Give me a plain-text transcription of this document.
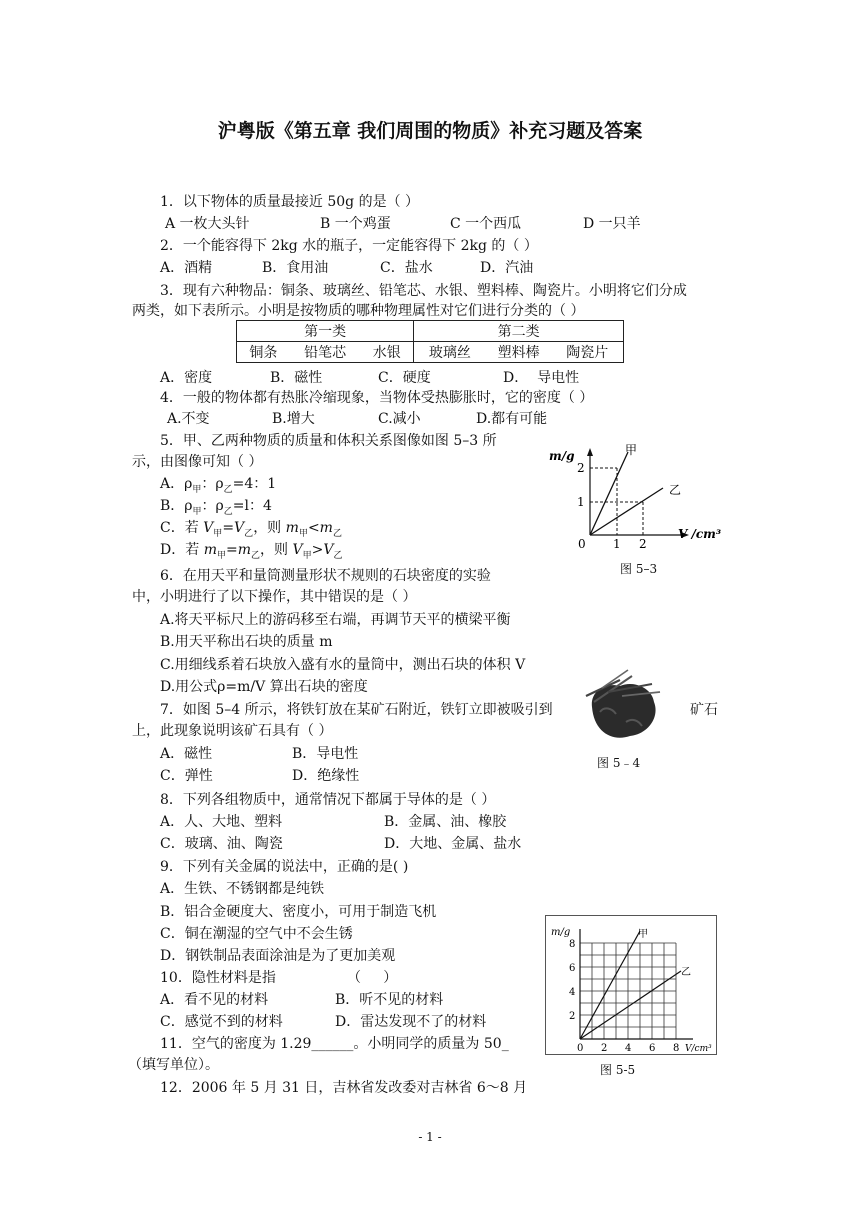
沪粤版《第五章 我们周围的物质》补充习题及答案
1．以下物体的质量最接近 50g 的是（ ）
A 一枚大头针	B 一个鸡蛋	C 一个西瓜	D 一只羊
2．一个能容得下 2kg 水的瓶子，一定能容得下 2kg 的（ ）
A．酒精	B．食用油	C．盐水	D．汽油
3．现有六种物品：铜条、玻璃丝、铅笔芯、水银、塑料棒、陶瓷片。小明将它们分成
两类，如下表所示。小明是按物质的哪种物理属性对它们进行分类的（ ）
第一类	第二类
铜条      铅笔芯      水银	玻璃丝      塑料棒      陶瓷片
A．密度	B．磁性	C．硬度	D．  导电性
4．一般的物体都有热胀冷缩现象，当物体受热膨胀时，它的密度（ ）
A.不变	B.增大	C.减小	D.都有可能
5．甲、乙两种物质的质量和体积关系图像如图 5–3 所
示，由图像可知（ ）
A．$\rho_甲$：$\rho_乙=4$：1
B．$\rho_甲$：$\rho_乙=l$：4
C．若 $V_甲=V_乙$，则 $m_甲<m_乙$
D．若 $m_甲=m_乙$，则 $V_甲>V_乙$
m/g	甲
乙
1
2
0 1 2
V /cm³
图 5–3
6．在用天平和量筒测量形状不规则的石块密度的实验
中，小明进行了以下操作，其中错误的是（ ）
A.将天平标尺上的游码移至右端，再调节天平的横梁平衡
B.用天平称出石块的质量 m
C.用细线系着石块放入盛有水的量筒中，测出石块的体积 V
D.用公式ρ=m/V 算出石块的密度
7．如图 5–4 所示，将铁钉放在某矿石附近，铁钉立即被吸引到	矿石
上，此现象说明该矿石具有（ ）
A．磁性	B．导电性
C．弹性	D．绝缘性
图 5﹣4
8．下列各组物质中，通常情况下都属于导体的是（ ）
A．人、大地、塑料	B．金属、油、橡胶
C．玻璃、油、陶瓷	D．大地、金属、盐水
9．下列有关金属的说法中，正确的是( )
A．生铁、不锈钢都是纯铁
B．铝合金硬度大、密度小，可用于制造飞机
C．铜在潮湿的空气中不会生锈
D．钢铁制品表面涂油是为了更加美观
10．隐性材料是指                （     ）
A．看不见的材料	B．听不见的材料
C．感觉不到的材料	D．雷达发现不了的材料
11．空气的密度为 1.29______。小明同学的质量为 50_
（填写单位）。
12．2006 年 5 月 31 日，吉林省发改委对吉林省 6～8 月
m/g	甲
乙
2
4
6
8
0 2 4 6 8 V/cm³
图 5-5
- 1 -
